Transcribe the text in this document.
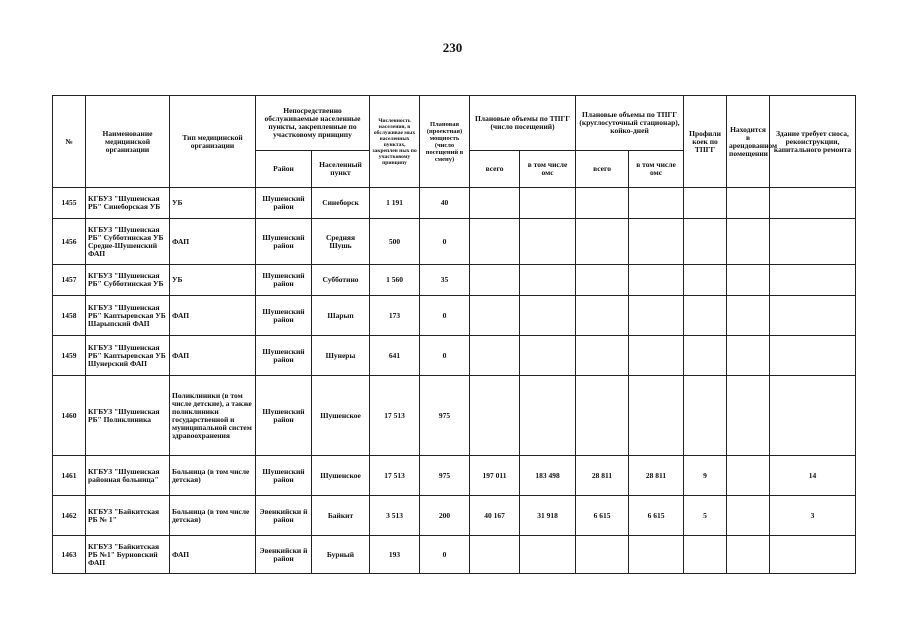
230
№	Наименование медицинской организации	Тип медицинской организации	Непосредственно обслуживаемые населенные пункты, закрепленные по участковому принципу		Численность населения, в обслуживае мых населенных пунктах, закреплен ных по участковому принципу	Плановая (проектная) мощность (число посещений в смену)	Плановые объемы по ТПГГ (число посещений)		Плановые объемы по ТПГГ (круглосуточный стационар), койко-дней		Профили коек по ТПГГ	Находится в арендованном помещении	Здание требует сноса, реконструкции, капитального ремонта
			Район	Населенный пункт			всего	в том числе омс	всего	в том числе омс			
1455	КГБУЗ "Шушенская РБ" Синеборская УБ	УБ	Шушенский район	Синеборск	1 191	40							
1456	КГБУЗ "Шушенская РБ" Субботинская УБ Средне-Шушенский ФАП	ФАП	Шушенский район	Средняя Шушь	500	0							
1457	КГБУЗ "Шушенская РБ" Субботинская УБ	УБ	Шушенский район	Субботино	1 560	35							
1458	КГБУЗ "Шушенская РБ" Каптыревская УБ Шарыпский ФАП	ФАП	Шушенский район	Шарып	173	0							
1459	КГБУЗ "Шушенская РБ" Каптыревская УБ Шунерский ФАП	ФАП	Шушенский район	Шунеры	641	0							
1460	КГБУЗ "Шушенская РБ" Поликлиника	Поликлиники (в том числе детские), а также поликлиники государственной и муниципальной систем здравоохранения	Шушенский район	Шушенское	17 513	975							
1461	КГБУЗ "Шушенская районная больница"	Больница (в том числе детская)	Шушенский район	Шушенское	17 513	975	197 011	183 498	28 811	28 811	9		14
1462	КГБУЗ "Байкитская РБ № 1"	Больница (в том числе детская)	Эвенкийски й район	Байкит	3 513	200	40 167	31 918	6 615	6 615	5		3
1463	КГБУЗ "Байкитская РБ №1" Бурновский ФАП	ФАП	Эвенкийски й район	Бурный	193	0							
